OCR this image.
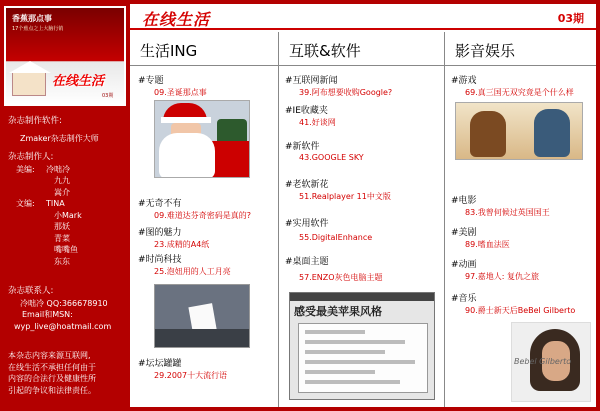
香蕉那点事
17个蕉点之上大脑行销
在线生活
03期
杂志制作软件:
Zmaker杂志制作大师
杂志制作人:
美编:	冷咄冷
九九
嵩介
文编:	TINA
小Mark
那妖
青菜
嘴嘴鱼
东东
杂志联系人:
冷咄冷 QQ:366678910
Email和MSN:
wyp_live@hoatmail.com
本杂志内容来源互联网,
在线生活不承担任何由于
内容的合法行及健康性所
引起的争议和法律责任。
在线生活	03期
生活ING
#专题
09.圣诞那点事
#无奇不有
09.难道达芬奇密码是真的?
#图的魅力
23.成精的A4纸
#时尚科技
25.泡妞用的人工月亮
#坛坛罐罐
29.2007十大流行语
互联&软件
#互联网新闻
39.阿布想要收购Google?
#IE收藏夹
41.好谈网
#新软件
43.GOOGLE SKY
#老软新花
51.Realplayer 11中文版
#实用软件
55.DigitalEnhance
#桌面主题
57.ENZO灰色电脑主题
感受最美苹果风格
影音娱乐
#游戏
69.真三国无双究竟是个什么样
#电影
83.我曾何候过英国国王
#美剧
89.嗜血法医
#动画
97.嘉地人: 复仇之旅
#音乐
90.爵士新天后BeBel Gilberto
Bebel Gilberto
